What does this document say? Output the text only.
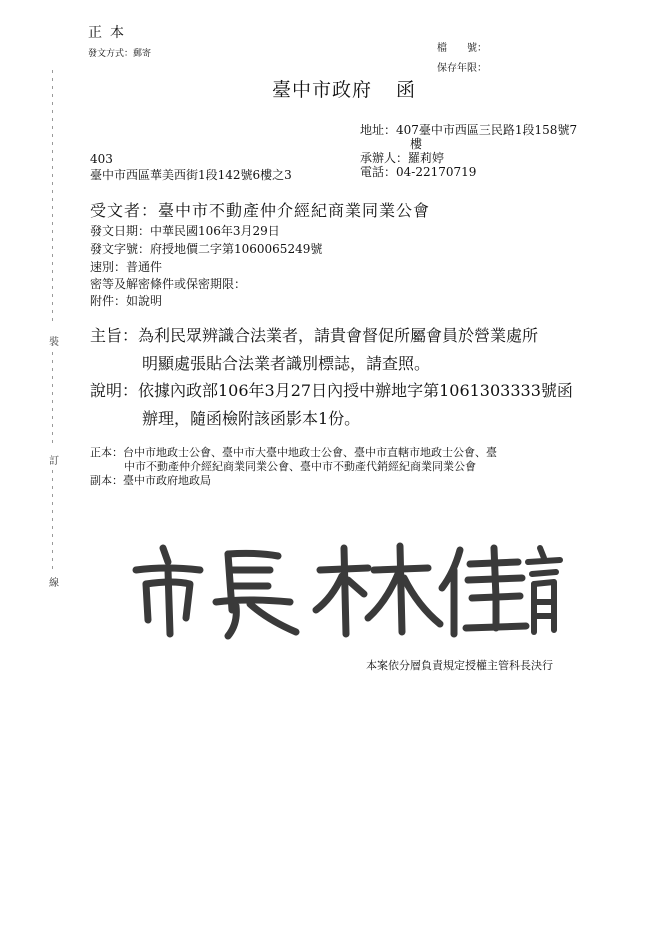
正本
發文方式：郵寄	檔　　號：
保存年限：
臺中市政府 函
地址：407臺中市西區三民路1段158號7
樓
承辦人：羅莉婷
電話：04-22170719
403
臺中市西區華美西街1段142號6樓之3
受文者：臺中市不動產仲介經紀商業同業公會
發文日期：中華民國106年3月29日
發文字號：府授地價二字第1060065249號
速別：普通件
密等及解密條件或保密期限：
附件：如說明
主旨：為利民眾辨識合法業者，請貴會督促所屬會員於營業處所
明顯處張貼合法業者識別標誌，請查照。
說明：依據內政部106年3月27日內授中辦地字第1061303333號函
辦理，隨函檢附該函影本1份。
正本：台中市地政士公會、臺中市大臺中地政士公會、臺中市直轄市地政士公會、臺
中市不動產仲介經紀商業同業公會、臺中市不動產代銷經紀商業同業公會
副本：臺中市政府地政局
裝
訂
線
本案依分層負責規定授權主管科長決行
